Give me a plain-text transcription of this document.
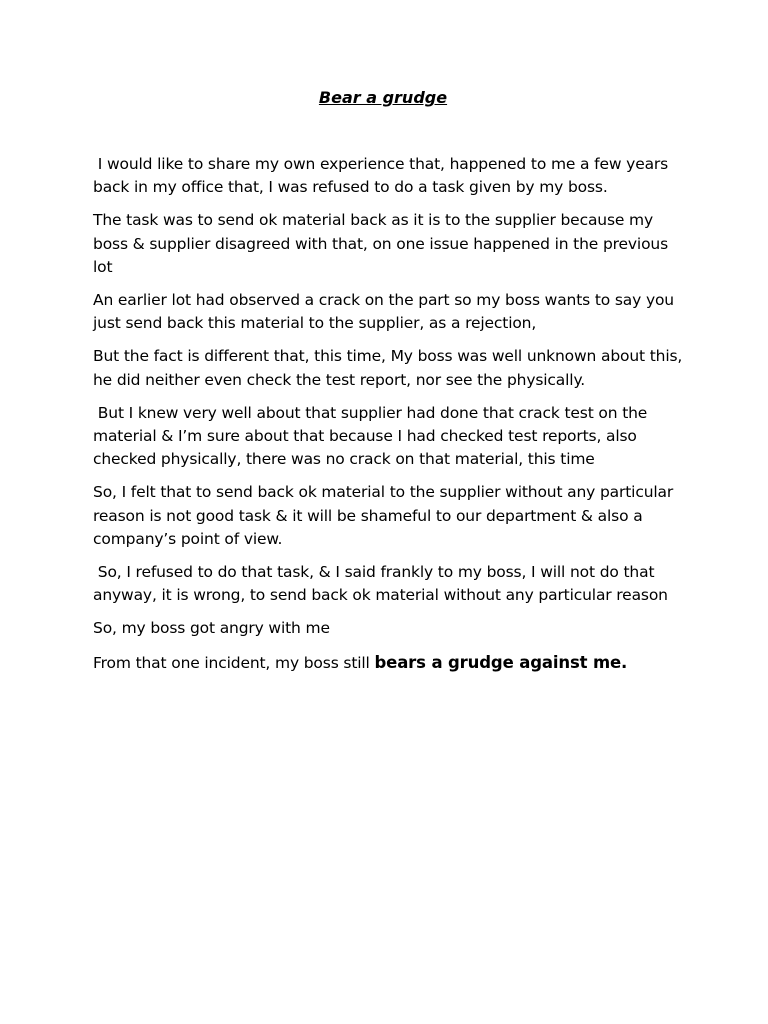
Bear a grudge

I would like to share my own experience that, happened to me a few years back in my office that, I was refused to do a task given by my boss.

The task was to send ok material back as it is to the supplier because my boss & supplier disagreed with that, on one issue happened in the previous lot

An earlier lot had observed a crack on the part so my boss wants to say you just send back this material to the supplier, as a rejection,

But the fact is different that, this time, My boss was well unknown about this, he did neither even check the test report, nor see the physically.

But I knew very well about that supplier had done that crack test on the material & I’m sure about that because I had checked test reports, also checked physically, there was no crack on that material, this time

So, I felt that to send back ok material to the supplier without any particular reason is not good task & it will be shameful to our department & also a company’s point of view.

So, I refused to do that task, & I said frankly to my boss, I will not do that anyway, it is wrong, to send back ok material without any particular reason

So, my boss got angry with me

From that one incident, my boss still bears a grudge against me.
